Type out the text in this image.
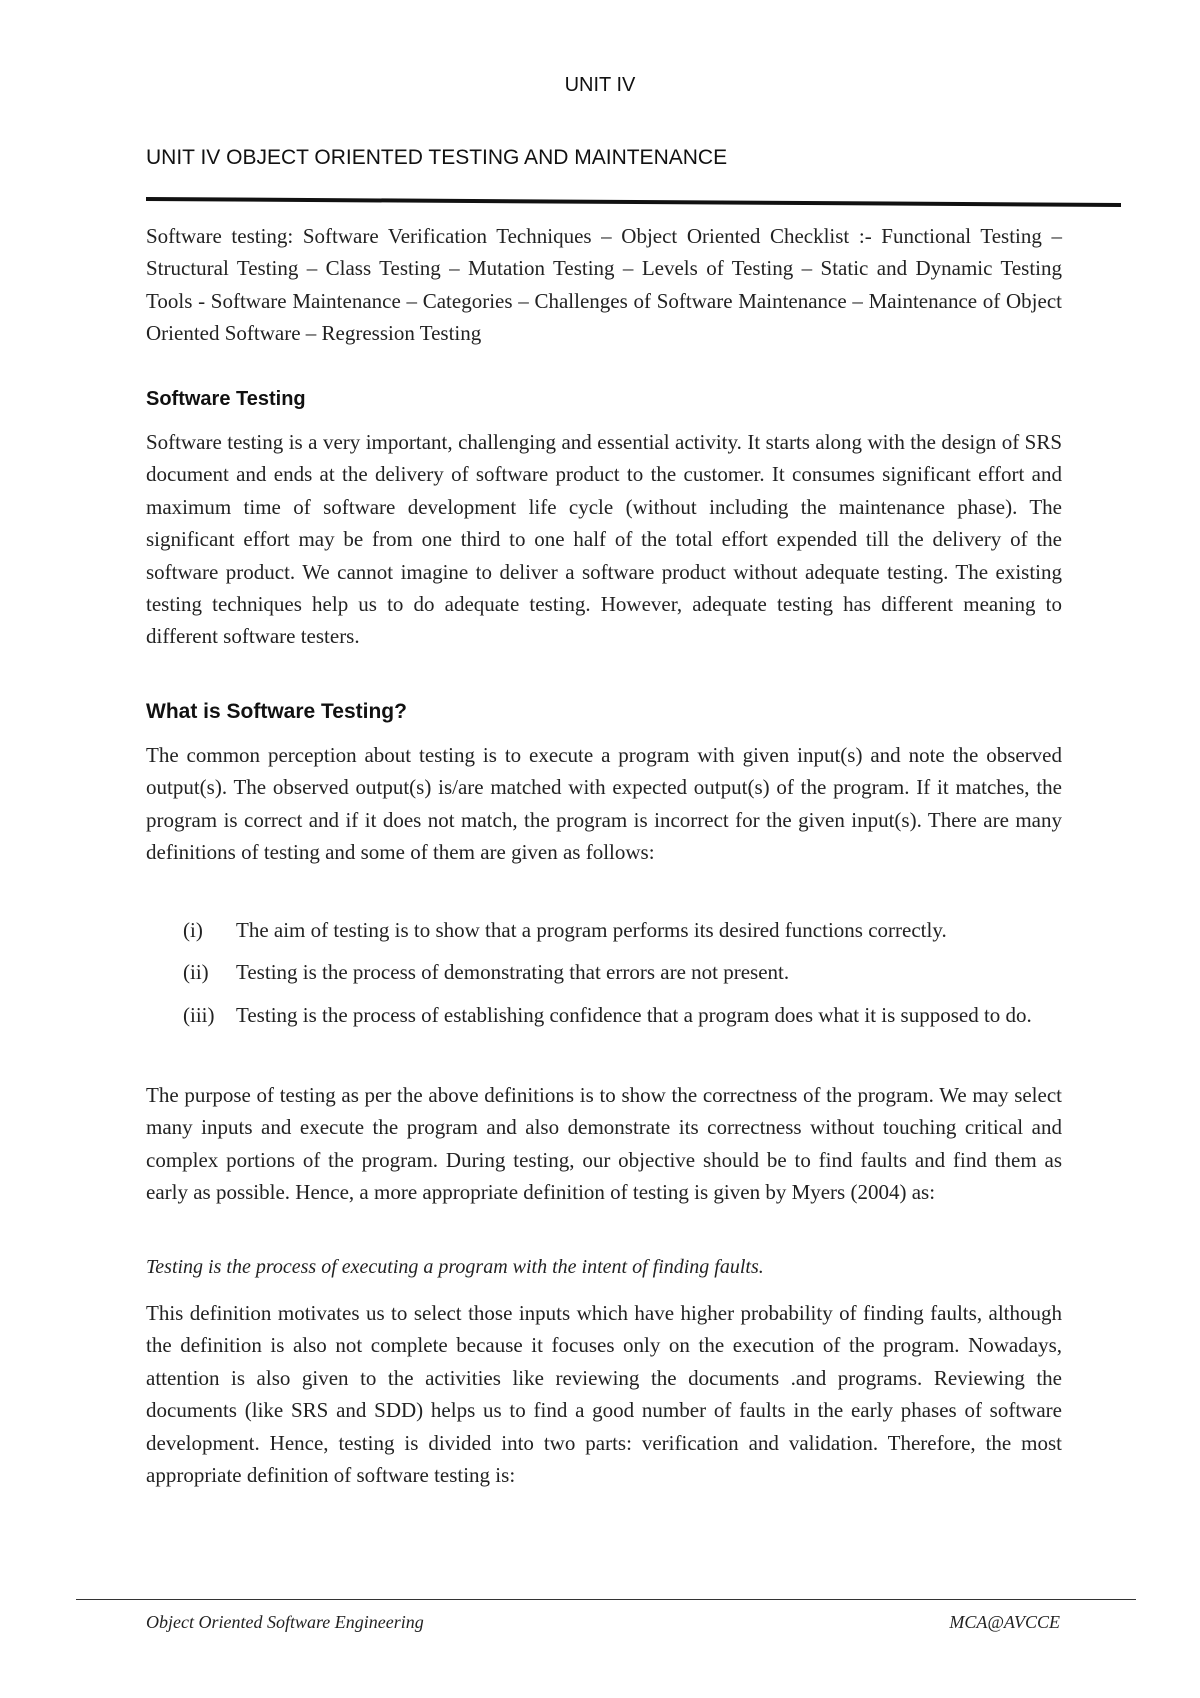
UNIT IV
UNIT IV OBJECT ORIENTED TESTING AND MAINTENANCE

Software testing: Software Verification Techniques – Object Oriented Checklist :- Functional Testing – Structural Testing – Class Testing – Mutation Testing – Levels of Testing – Static and Dynamic Testing Tools - Software Maintenance – Categories – Challenges of Software Maintenance – Maintenance of Object Oriented Software – Regression Testing

Software Testing

Software testing is a very important, challenging and essential activity. It starts along with the design of SRS document and ends at the delivery of software product to the customer. It consumes significant effort and maximum time of software development life cycle (without including the maintenance phase). The significant effort may be from one third to one half of the total effort expended till the delivery of the software product. We cannot imagine to deliver a software product without adequate testing. The existing testing techniques help us to do adequate testing. However, adequate testing has different meaning to different software testers.

What is Software Testing?

The common perception about testing is to execute a program with given input(s) and note the observed output(s). The observed output(s) is/are matched with expected output(s) of the program. If it matches, the program is correct and if it does not match, the program is incorrect for the given input(s). There are many definitions of testing and some of them are given as follows:

(i)	The aim of testing is to show that a program performs its desired functions correctly.
(ii)	Testing is the process of demonstrating that errors are not present.
(iii)	Testing is the process of establishing confidence that a program does what it is supposed to do.

The purpose of testing as per the above definitions is to show the correctness of the program. We may select many inputs and execute the program and also demonstrate its correctness without touching critical and complex portions of the program. During testing, our objective should be to find faults and find them as early as possible. Hence, a more appropriate definition of testing is given by Myers (2004) as:

Testing is the process of executing a program with the intent of finding faults.

This definition motivates us to select those inputs which have higher probability of finding faults, although the definition is also not complete because it focuses only on the execution of the program. Nowadays, attention is also given to the activities like reviewing the documents .and programs. Reviewing the documents (like SRS and SDD) helps us to find a good number of faults in the early phases of software development. Hence, testing is divided into two parts: verification and validation. Therefore, the most appropriate definition of software testing is:

Object Oriented Software Engineering	MCA@AVCCE
